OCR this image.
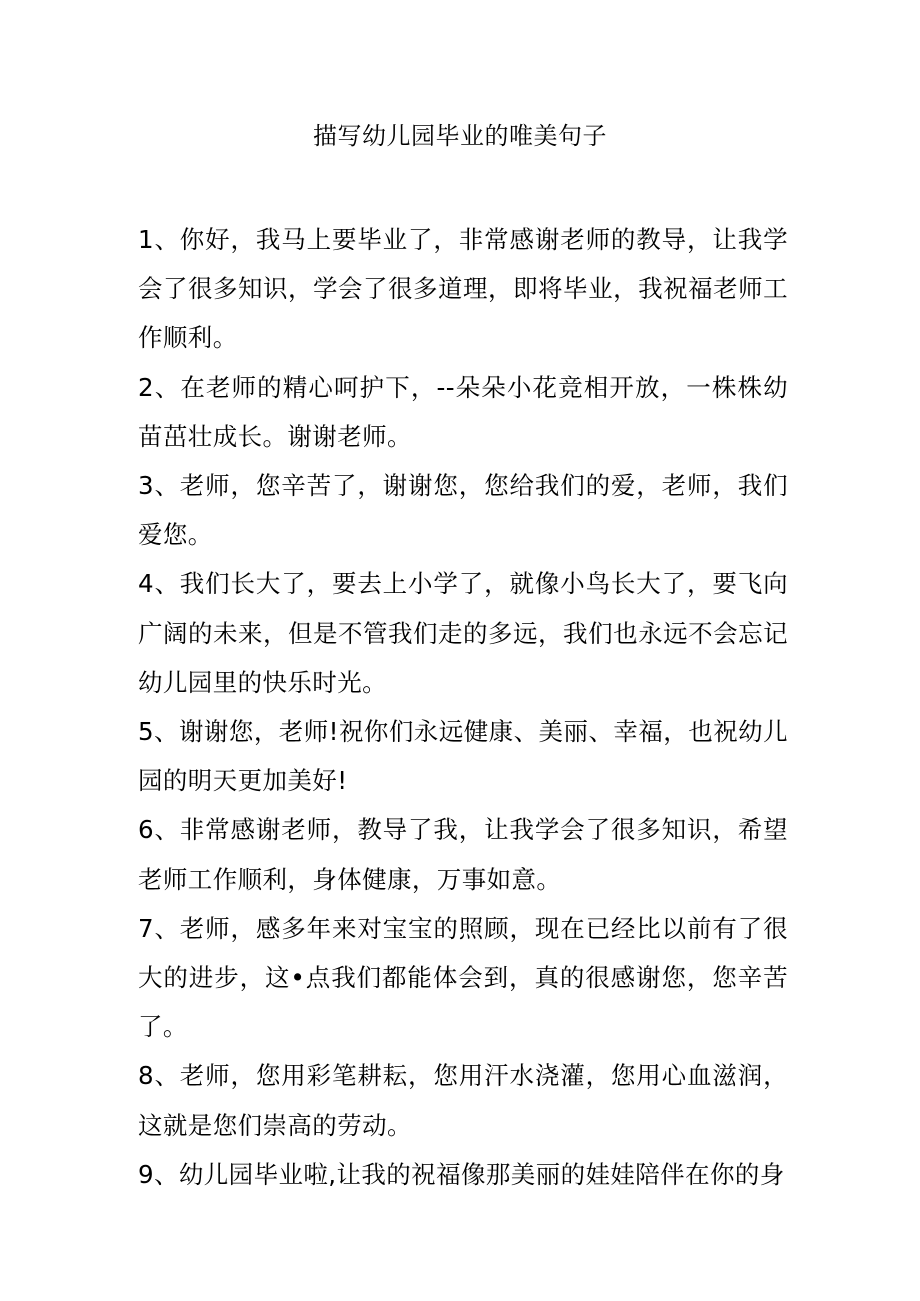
描写幼儿园毕业的唯美句子

1、你好，我马上要毕业了，非常感谢老师的教导，让我学会了很多知识，学会了很多道理，即将毕业，我祝福老师工作顺利。

2、在老师的精心呵护下，--朵朵小花竞相开放，一株株幼苗茁壮成长。谢谢老师。

3、老师，您辛苦了，谢谢您，您给我们的爱，老师，我们爱您。

4、我们长大了，要去上小学了，就像小鸟长大了，要飞向广阔的未来，但是不管我们走的多远，我们也永远不会忘记幼儿园里的快乐时光。

5、谢谢您，老师!祝你们永远健康、美丽、幸福，也祝幼儿园的明天更加美好!

6、非常感谢老师，教导了我，让我学会了很多知识，希望老师工作顺利，身体健康，万事如意。

7、老师，感多年来对宝宝的照顾，现在已经比以前有了很大的进步，这•点我们都能体会到，真的很感谢您，您辛苦了。

8、老师，您用彩笔耕耘，您用汗水浇灌，您用心血滋润，这就是您们崇高的劳动。

9、幼儿园毕业啦,让我的祝福像那美丽的娃娃陪伴在你的身
